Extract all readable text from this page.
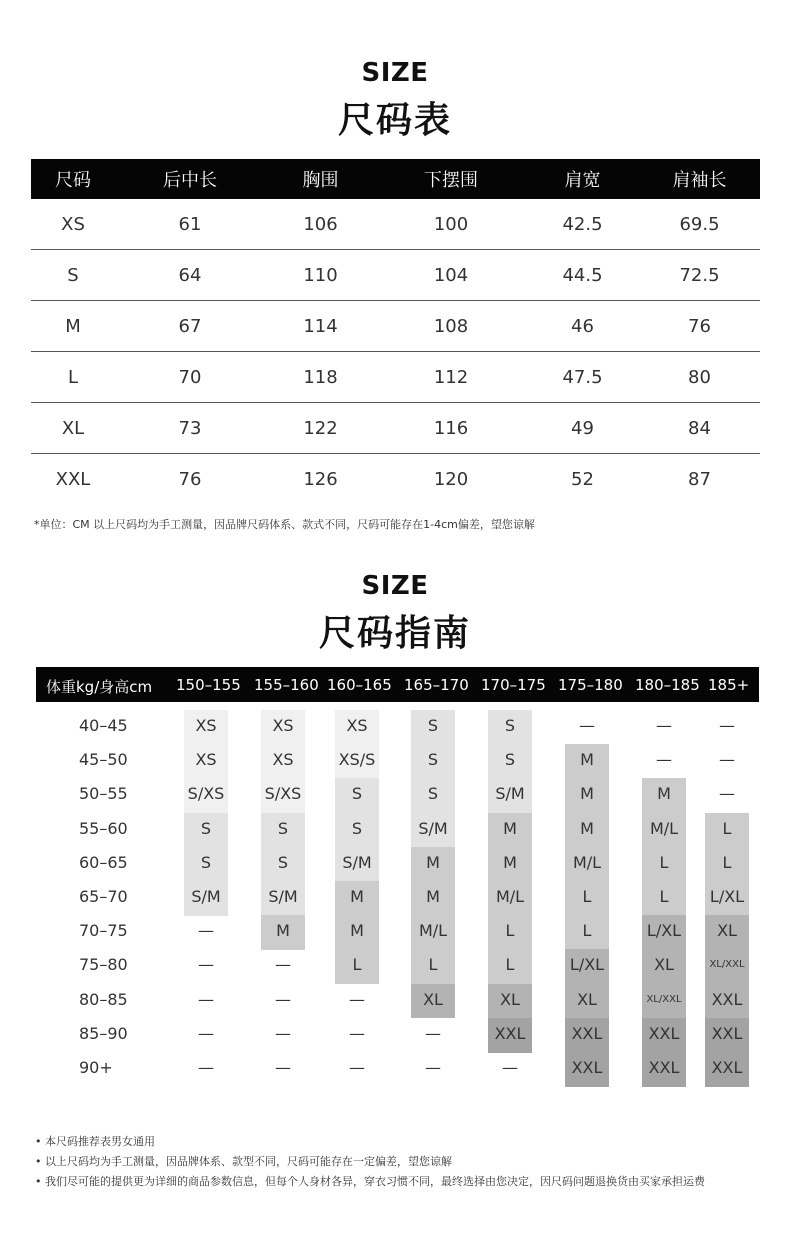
SIZE
尺码表
尺码	后中长	胸围	下摆围	肩宽	肩袖长
XS	61	106	100	42.5	69.5
S	64	110	104	44.5	72.5
M	67	114	108	46	76
L	70	118	112	47.5	80
XL	73	122	116	49	84
XXL	76	126	120	52	87
*单位：CM 以上尺码均为手工测量，因品牌尺码体系、款式不同，尺码可能存在1-4cm偏差，望您谅解
SIZE
尺码指南
体重kg/身高cm 150–155 155–160 160–165 165–170 170–175 175–180 180–185 185+
40–45	XS	XS	XS	S	S	—	—	—
45–50	XS	XS	XS/S	S	S	M	—	—
50–55	S/XS	S/XS	S	S	S/M	M	M	—
55–60	S	S	S	S/M	M	M	M/L	L
60–65	S	S	S/M	M	M	M/L	L	L
65–70	S/M	S/M	M	M	M/L	L	L	L/XL
70–75	—	M	M	M/L	L	L	L/XL	XL
75–80	—	—	L	L	L	L/XL	XL	XL/XXL
80–85	—	—	—	XL	XL	XL	XL/XXL	XXL
85–90	—	—	—	—	XXL	XXL	XXL	XXL
90+	—	—	—	—	—	XXL	XXL	XXL
• 本尺码推荐表男女通用
• 以上尺码均为手工测量，因品牌体系、款型不同，尺码可能存在一定偏差，望您谅解
• 我们尽可能的提供更为详细的商品参数信息，但每个人身材各异，穿衣习惯不同，最终选择由您决定，因尺码问题退换货由买家承担运费
